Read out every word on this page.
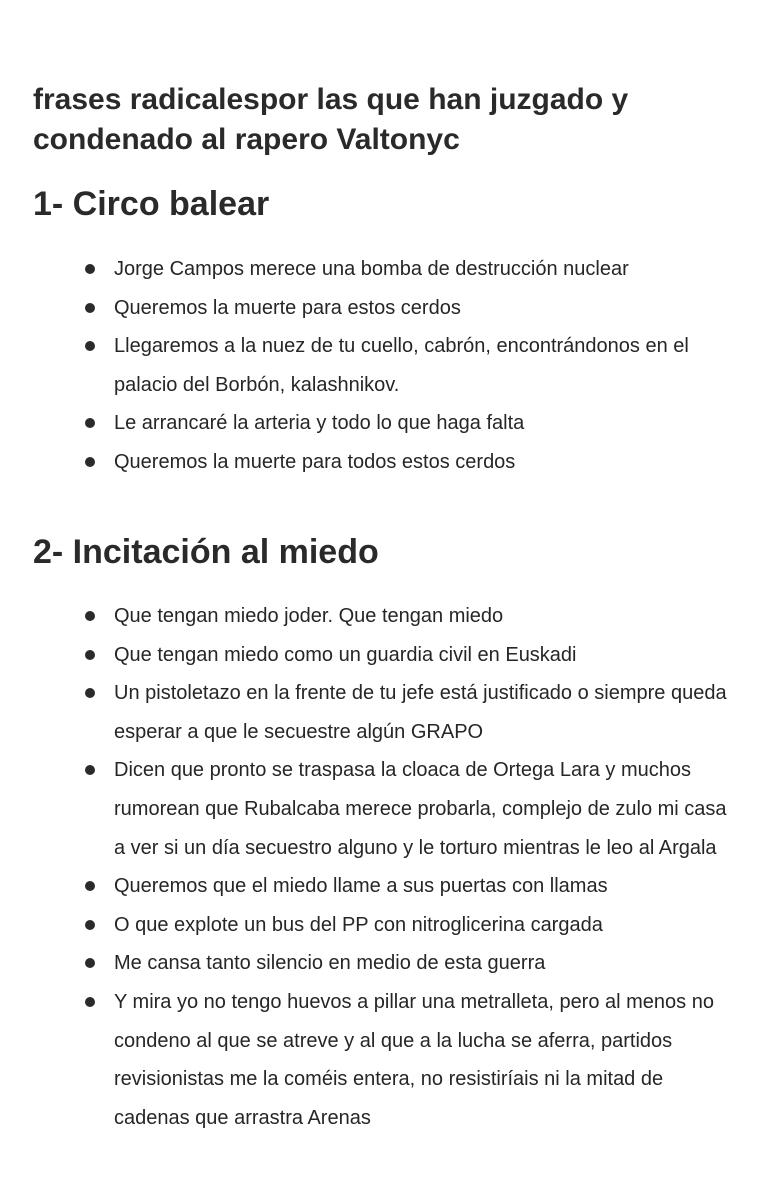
frases radicalespor las que han juzgado y condenado al rapero Valtonyc
1- Circo balear
Jorge Campos merece una bomba de destrucción nuclear
Queremos la muerte para estos cerdos
Llegaremos a la nuez de tu cuello, cabrón, encontrándonos en el palacio del Borbón, kalashnikov.
Le arrancaré la arteria y todo lo que haga falta
Queremos la muerte para todos estos cerdos
2- Incitación al miedo
Que tengan miedo joder. Que tengan miedo
Que tengan miedo como un guardia civil en Euskadi
Un pistoletazo en la frente de tu jefe está justificado o siempre queda esperar a que le secuestre algún GRAPO
Dicen que pronto se traspasa la cloaca de Ortega Lara y muchos rumorean que Rubalcaba merece probarla, complejo de zulo mi casa a ver si un día secuestro alguno y le torturo mientras le leo al Argala
Queremos que el miedo llame a sus puertas con llamas
O que explote un bus del PP con nitroglicerina cargada
Me cansa tanto silencio en medio de esta guerra
Y mira yo no tengo huevos a pillar una metralleta, pero al menos no condeno al que se atreve y al que a la lucha se aferra, partidos revisionistas me la coméis entera, no resistiríais ni la mitad de cadenas que arrastra Arenas
